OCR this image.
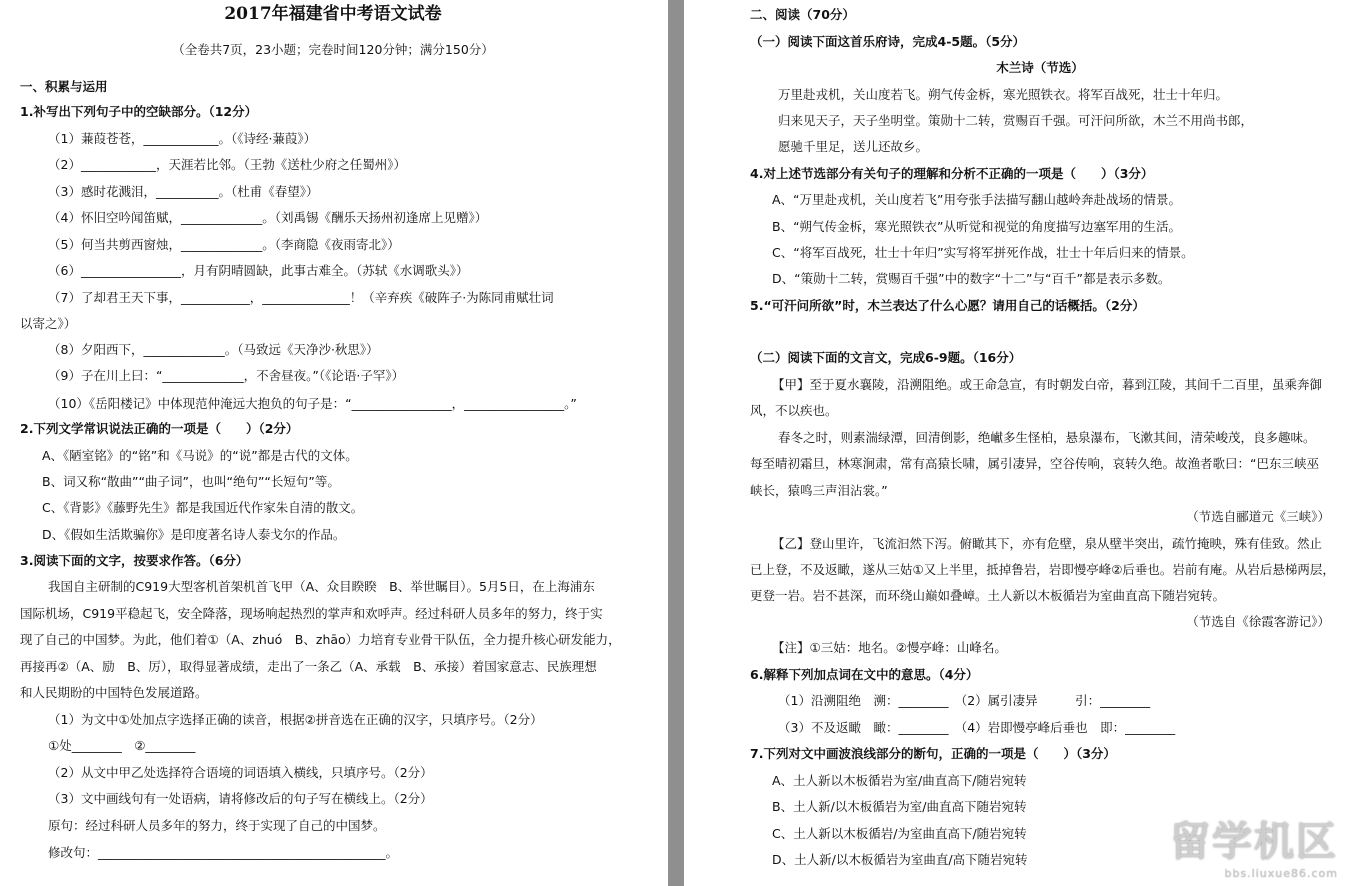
2017年福建省中考语文试卷
（全卷共7页，23小题；完卷时间120分钟；满分150分）
一、积累与运用
1.补写出下列句子中的空缺部分。（12分）
（1）蒹葭苍苍，____________。（《诗经·蒹葭》）
（2）____________，天涯若比邻。（王勃《送杜少府之任蜀州》）
（3）感时花溅泪，__________。（杜甫《春望》）
（4）怀旧空吟闻笛赋，_____________。（刘禹锡《酬乐天扬州初逢席上见赠》）
（5）何当共剪西窗烛，_____________。（李商隐《夜雨寄北》）
（6）________________，月有阴晴圆缺，此事古难全。（苏轼《水调歌头》）
（7）了却君王天下事，___________，______________！（辛弃疾《破阵子·为陈同甫赋壮词
以寄之》）
（8）夕阳西下，_____________。（马致远《天净沙·秋思》）
（9）子在川上曰：“_____________，不舍昼夜。”（《论语·子罕》）
（10）《岳阳楼记》中体现范仲淹远大抱负的句子是：“________________，________________。”
2.下列文学常识说法正确的一项是（　　）（2分）
A、《陋室铭》的“铭”和《马说》的“说”都是古代的文体。
B、词又称“散曲”“曲子词”，也叫“绝句”“长短句”等。
C、《背影》《藤野先生》都是我国近代作家朱自清的散文。
D、《假如生活欺骗你》是印度著名诗人泰戈尔的作品。
3.阅读下面的文字，按要求作答。（6分）
我国自主研制的C919大型客机首架机首飞甲（A、众目睽睽　B、举世瞩目）。5月5日，在上海浦东
国际机场，C919平稳起飞，安全降落，现场响起热烈的掌声和欢呼声。经过科研人员多年的努力，终于实
现了自己的中国梦。为此，他们着①（A、zhuó　B、zhāo）力培育专业骨干队伍，全力提升核心研发能力，
再接再②（A、励　B、厉），取得显著成绩，走出了一条乙（A、承载　B、承接）着国家意志、民族理想
和人民期盼的中国特色发展道路。
（1）为文中①处加点字选择正确的读音，根据②拼音选在正确的汉字，只填序号。（2分）
①处________　②________
（2）从文中甲乙处选择符合语境的词语填入横线，只填序号。（2分）
（3）文中画线句有一处语病，请将修改后的句子写在横线上。（2分）
原句：经过科研人员多年的努力，终于实现了自己的中国梦。
修改句：______________________________________________。
二、阅读（70分）
（一）阅读下面这首乐府诗，完成4-5题。（5分）
木兰诗（节选）
万里赴戎机，关山度若飞。朔气传金柝，寒光照铁衣。将军百战死，壮士十年归。
归来见天子，天子坐明堂。策勋十二转，赏赐百千强。可汗问所欲，木兰不用尚书郎，
愿驰千里足，送儿还故乡。
4.对上述节选部分有关句子的理解和分析不正确的一项是（　　）（3分）
A、“万里赴戎机，关山度若飞”用夸张手法描写翻山越岭奔赴战场的情景。
B、“朔气传金柝，寒光照铁衣”从听觉和视觉的角度描写边塞军用的生活。
C、“将军百战死，壮士十年归”实写将军拼死作战，壮士十年后归来的情景。
D、“策勋十二转，赏赐百千强”中的数字“十二”与“百千”都是表示多数。
5.“可汗问所欲”时，木兰表达了什么心愿？请用自己的话概括。（2分）
（二）阅读下面的文言文，完成6-9题。（16分）
【甲】至于夏水襄陵，沿溯阻绝。或王命急宣，有时朝发白帝，暮到江陵，其间千二百里，虽乘奔御
风，不以疾也。
春冬之时，则素湍绿潭，回清倒影，绝𪩘多生怪柏，悬泉瀑布，飞漱其间，清荣峻茂，良多趣味。
每至晴初霜旦，林寒涧肃，常有高猿长啸，属引凄异，空谷传响，哀转久绝。故渔者歌曰：“巴东三峡巫
峡长，猿鸣三声泪沾裳。”
（节选自郦道元《三峡》）
【乙】登山里许，飞流汩然下泻。俯瞰其下，亦有危壁，泉从壁半突出，疏竹掩映，殊有佳致。然止
已上登，不及返瞰，遂从三姑①又上半里，抵掉鲁岩，岩即慢亭峰②后垂也。岩前有庵。从岩后悬梯两层，
更登一岩。岩不甚深，而环绕山巅如叠嶂。土人新以木板循岩为室曲直高下随岩宛转。
（节选自《徐霞客游记》）
【注】①三姑：地名。②慢亭峰：山峰名。
6.解释下列加点词在文中的意思。（4分）
（1）沿溯阻绝　溯：________　（2）属引凄异　　　引：________
（3）不及返瞰　瞰：________　（4）岩即慢亭峰后垂也　即：________
7.下列对文中画波浪线部分的断句，正确的一项是（　　）（3分）
A、土人新以木板循岩为室/曲直高下/随岩宛转
B、土人新/以木板循岩为室/曲直高下随岩宛转
C、土人新以木板循岩/为室曲直高下/随岩宛转
D、土人新/以木板循岩为室曲直/高下随岩宛转	留学机区
bbs.liuxue86.com
